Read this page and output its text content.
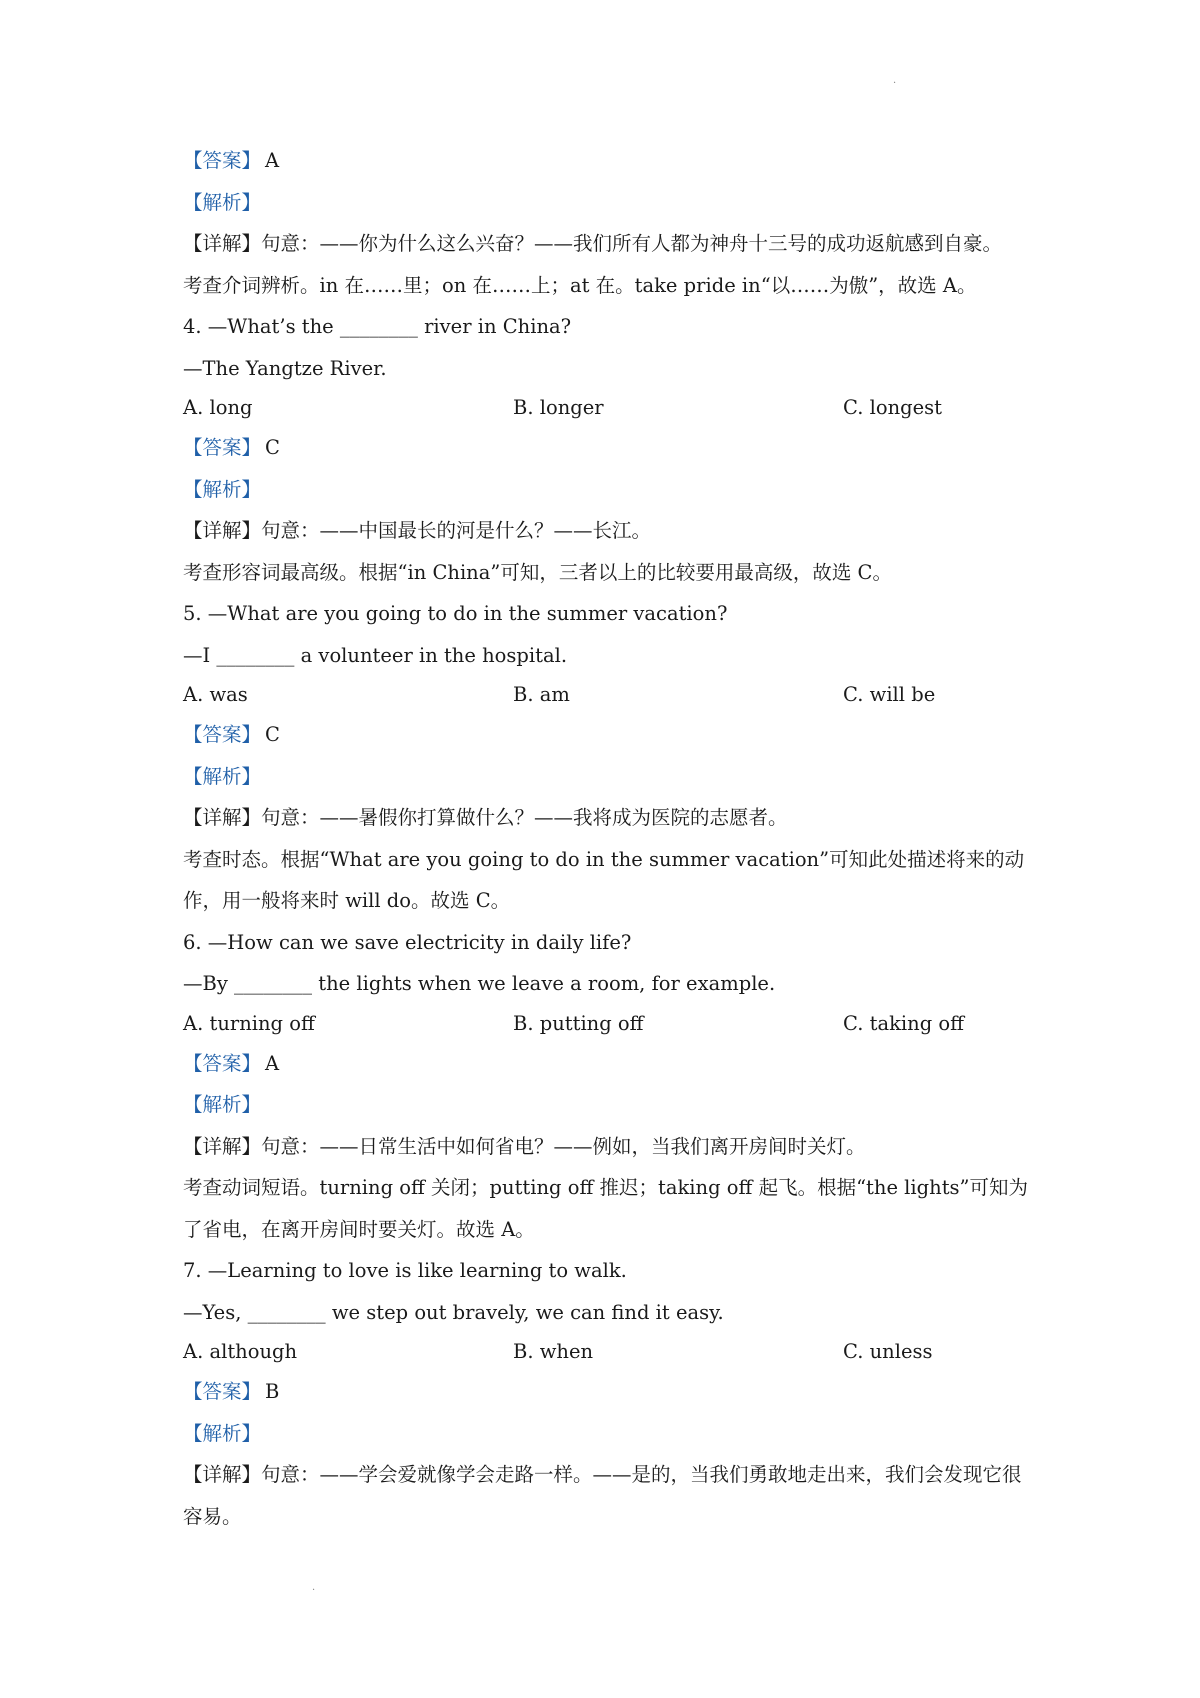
·
【答案】 A
【解析】
【详解】句意：——你为什么这么兴奋？——我们所有人都为神舟十三号的成功返航感到自豪。
考查介词辨析。in 在……里；on 在……上；at 在。take pride in“以……为傲”，故选 A。
4. —What’s the ________ river in China?
—The Yangtze River.
A. long	B. longer	C. longest
【答案】 C
【解析】
【详解】句意：——中国最长的河是什么？——长江。
考查形容词最高级。根据“in China”可知，三者以上的比较要用最高级，故选 C。
5. —What are you going to do in the summer vacation?
—I ________ a volunteer in the hospital.
A. was	B. am	C. will be
【答案】 C
【解析】
【详解】句意：——暑假你打算做什么？——我将成为医院的志愿者。
考查时态。根据“What are you going to do in the summer vacation”可知此处描述将来的动作，用一般将来时 will do。故选 C。
6. —How can we save electricity in daily life?
—By ________ the lights when we leave a room, for example.
A. turning off	B. putting off	C. taking off
【答案】 A
【解析】
【详解】句意：——日常生活中如何省电？——例如，当我们离开房间时关灯。
考查动词短语。turning off 关闭；putting off 推迟；taking off 起飞。根据“the lights”可知为了省电，在离开房间时要关灯。故选 A。
7. —Learning to love is like learning to walk.
—Yes, ________ we step out bravely, we can find it easy.
A. although	B. when	C. unless
【答案】 B
【解析】
【详解】句意：——学会爱就像学会走路一样。——是的，当我们勇敢地走出来，我们会发现它很容易。
·
